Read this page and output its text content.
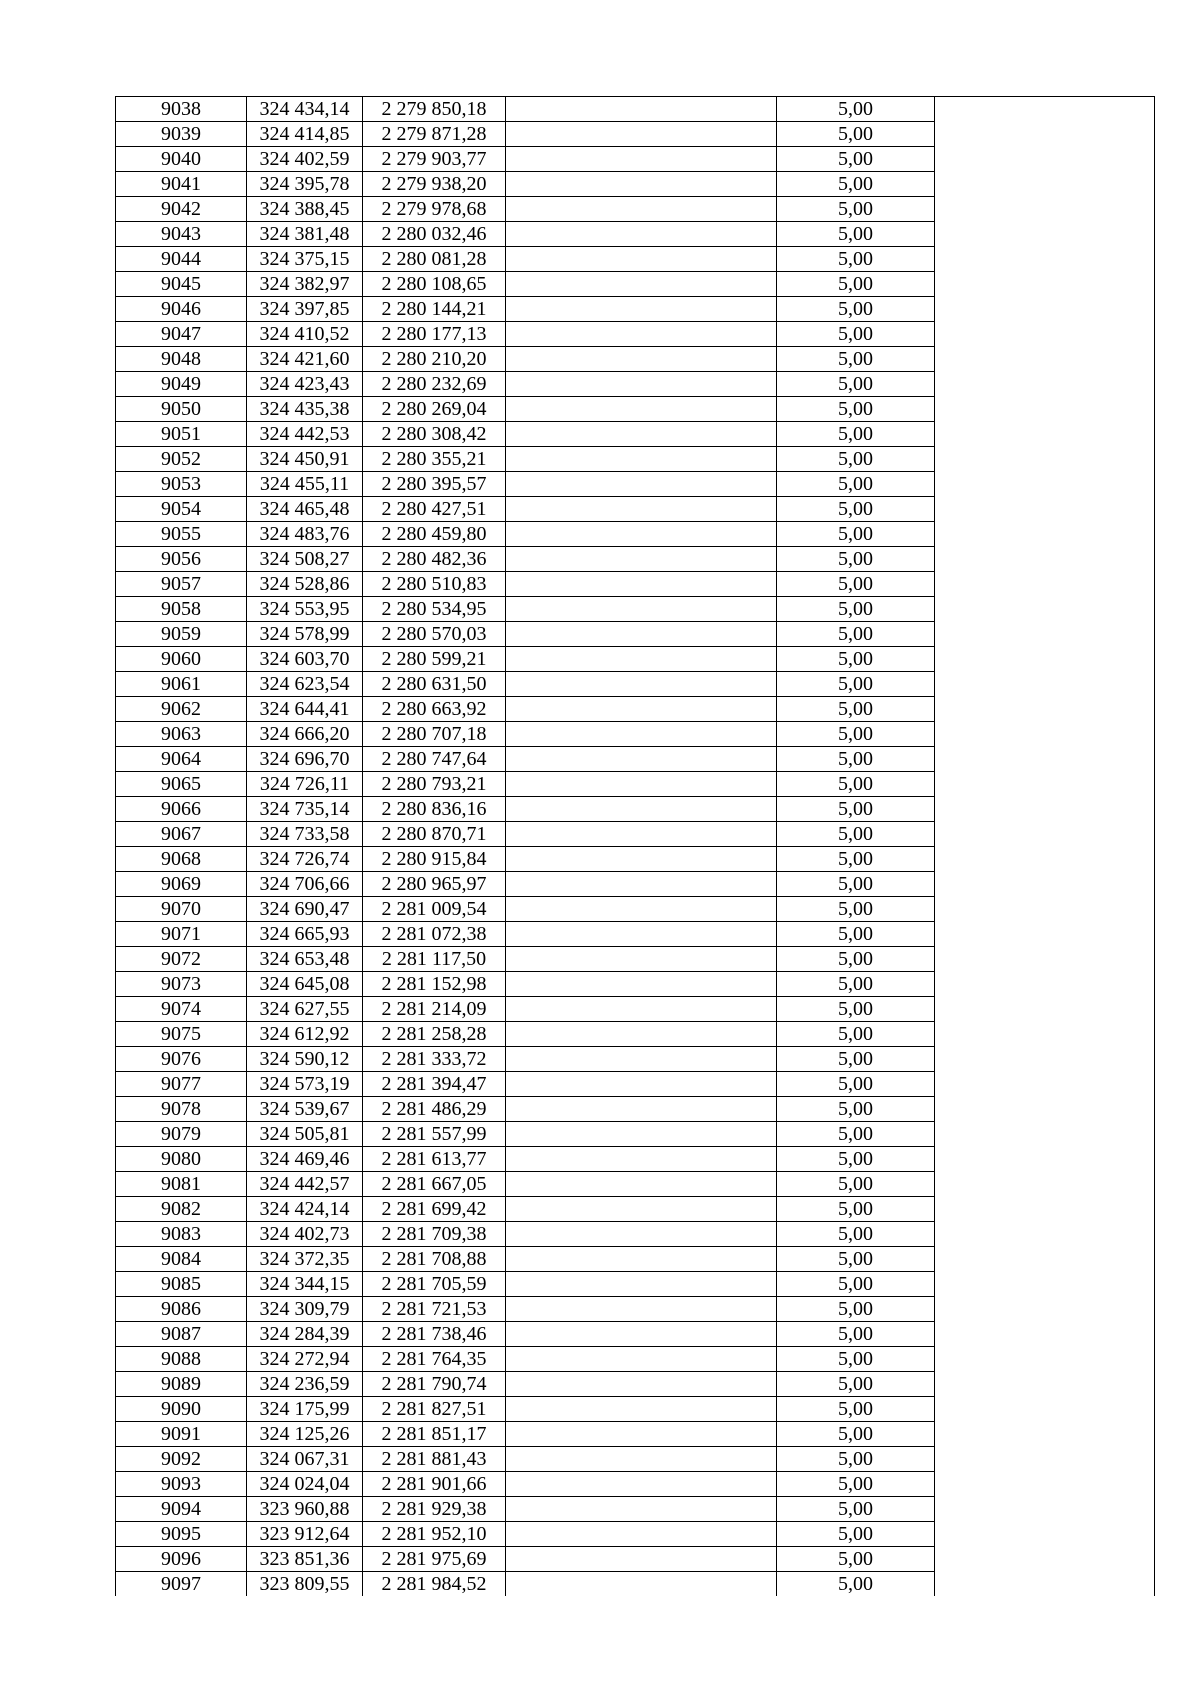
9038	324 434,14	2 279 850,18		5,00	
9039	324 414,85	2 279 871,28		5,00	
9040	324 402,59	2 279 903,77		5,00	
9041	324 395,78	2 279 938,20		5,00	
9042	324 388,45	2 279 978,68		5,00	
9043	324 381,48	2 280 032,46		5,00	
9044	324 375,15	2 280 081,28		5,00	
9045	324 382,97	2 280 108,65		5,00	
9046	324 397,85	2 280 144,21		5,00	
9047	324 410,52	2 280 177,13		5,00	
9048	324 421,60	2 280 210,20		5,00	
9049	324 423,43	2 280 232,69		5,00	
9050	324 435,38	2 280 269,04		5,00	
9051	324 442,53	2 280 308,42		5,00	
9052	324 450,91	2 280 355,21		5,00	
9053	324 455,11	2 280 395,57		5,00	
9054	324 465,48	2 280 427,51		5,00	
9055	324 483,76	2 280 459,80		5,00	
9056	324 508,27	2 280 482,36		5,00	
9057	324 528,86	2 280 510,83		5,00	
9058	324 553,95	2 280 534,95		5,00	
9059	324 578,99	2 280 570,03		5,00	
9060	324 603,70	2 280 599,21		5,00	
9061	324 623,54	2 280 631,50		5,00	
9062	324 644,41	2 280 663,92		5,00	
9063	324 666,20	2 280 707,18		5,00	
9064	324 696,70	2 280 747,64		5,00	
9065	324 726,11	2 280 793,21		5,00	
9066	324 735,14	2 280 836,16		5,00	
9067	324 733,58	2 280 870,71		5,00	
9068	324 726,74	2 280 915,84		5,00	
9069	324 706,66	2 280 965,97		5,00	
9070	324 690,47	2 281 009,54		5,00	
9071	324 665,93	2 281 072,38		5,00	
9072	324 653,48	2 281 117,50		5,00	
9073	324 645,08	2 281 152,98		5,00	
9074	324 627,55	2 281 214,09		5,00	
9075	324 612,92	2 281 258,28		5,00	
9076	324 590,12	2 281 333,72		5,00	
9077	324 573,19	2 281 394,47		5,00	
9078	324 539,67	2 281 486,29		5,00	
9079	324 505,81	2 281 557,99		5,00	
9080	324 469,46	2 281 613,77		5,00	
9081	324 442,57	2 281 667,05		5,00	
9082	324 424,14	2 281 699,42		5,00	
9083	324 402,73	2 281 709,38		5,00	
9084	324 372,35	2 281 708,88		5,00	
9085	324 344,15	2 281 705,59		5,00	
9086	324 309,79	2 281 721,53		5,00	
9087	324 284,39	2 281 738,46		5,00	
9088	324 272,94	2 281 764,35		5,00	
9089	324 236,59	2 281 790,74		5,00	
9090	324 175,99	2 281 827,51		5,00	
9091	324 125,26	2 281 851,17		5,00	
9092	324 067,31	2 281 881,43		5,00	
9093	324 024,04	2 281 901,66		5,00	
9094	323 960,88	2 281 929,38		5,00	
9095	323 912,64	2 281 952,10		5,00	
9096	323 851,36	2 281 975,69		5,00	
9097	323 809,55	2 281 984,52		5,00	
